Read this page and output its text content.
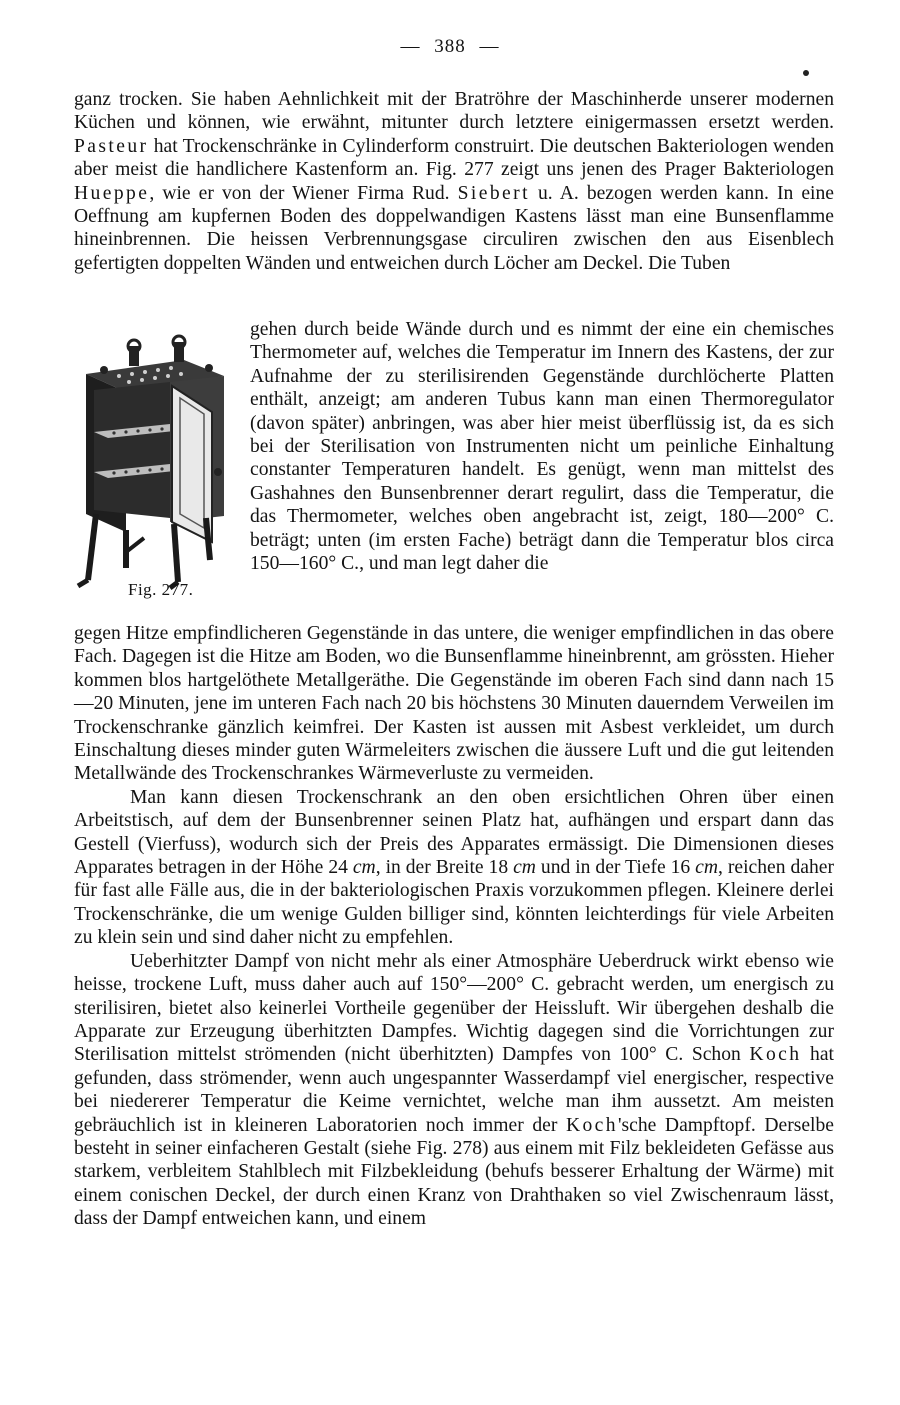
— 388 —

ganz trocken. Sie haben Aehnlichkeit mit der Bratröhre der Maschinherde unserer modernen Küchen und können, wie erwähnt, mitunter durch letztere einigermassen ersetzt werden. Pasteur hat Trockenschränke in Cylinderform construirt. Die deutschen Bakteriologen wenden aber meist die handlichere Kastenform an. Fig. 277 zeigt uns jenen des Prager Bakteriologen Hueppe, wie er von der Wiener Firma Rud. Siebert u. A. bezogen werden kann. In eine Oeffnung am kupfernen Boden des doppelwandigen Kastens lässt man eine Bunsenflamme hineinbrennen. Die heissen Verbrennungsgase circuliren zwischen den aus Eisenblech gefertigten doppelten Wänden und entweichen durch Löcher am Deckel. Die Tuben

Fig. 277.

gehen durch beide Wände durch und es nimmt der eine ein chemisches Thermometer auf, welches die Temperatur im Innern des Kastens, der zur Aufnahme der zu sterilisirenden Gegenstände durchlöcherte Platten enthält, anzeigt; am anderen Tubus kann man einen Thermoregulator (davon später) anbringen, was aber hier meist überflüssig ist, da es sich bei der Sterilisation von Instrumenten nicht um peinliche Einhaltung constanter Temperaturen handelt. Es genügt, wenn man mittelst des Gashahnes den Bunsenbrenner derart regulirt, dass die Temperatur, die das Thermometer, welches oben angebracht ist, zeigt, 180—200° C. beträgt; unten (im ersten Fache) beträgt dann die Temperatur blos circa 150—160° C., und man legt daher die

gegen Hitze empfindlicheren Gegenstände in das untere, die weniger empfindlichen in das obere Fach. Dagegen ist die Hitze am Boden, wo die Bunsenflamme hineinbrennt, am grössten. Hieher kommen blos hartgelöthete Metallgeräthe. Die Gegenstände im oberen Fach sind dann nach 15—20 Minuten, jene im unteren Fach nach 20 bis höchstens 30 Minuten dauerndem Verweilen im Trockenschranke gänzlich keimfrei. Der Kasten ist aussen mit Asbest verkleidet, um durch Einschaltung dieses minder guten Wärmeleiters zwischen die äussere Luft und die gut leitenden Metallwände des Trockenschrankes Wärmeverluste zu vermeiden.

Man kann diesen Trockenschrank an den oben ersichtlichen Ohren über einen Arbeitstisch, auf dem der Bunsenbrenner seinen Platz hat, aufhängen und erspart dann das Gestell (Vierfuss), wodurch sich der Preis des Apparates ermässigt. Die Dimensionen dieses Apparates betragen in der Höhe 24 cm, in der Breite 18 cm und in der Tiefe 16 cm, reichen daher für fast alle Fälle aus, die in der bakteriologischen Praxis vorzukommen pflegen. Kleinere derlei Trockenschränke, die um wenige Gulden billiger sind, könnten leichterdings für viele Arbeiten zu klein sein und sind daher nicht zu empfehlen.

Ueberhitzter Dampf von nicht mehr als einer Atmosphäre Ueberdruck wirkt ebenso wie heisse, trockene Luft, muss daher auch auf 150°—200° C. gebracht werden, um energisch zu sterilisiren, bietet also keinerlei Vortheile gegenüber der Heissluft. Wir übergehen deshalb die Apparate zur Erzeugung überhitzten Dampfes. Wichtig dagegen sind die Vorrichtungen zur Sterilisation mittelst strömenden (nicht überhitzten) Dampfes von 100° C. Schon Koch hat gefunden, dass strömender, wenn auch ungespannter Wasserdampf viel energischer, respective bei niedererer Temperatur die Keime vernichtet, welche man ihm aussetzt. Am meisten gebräuchlich ist in kleineren Laboratorien noch immer der Koch'sche Dampftopf. Derselbe besteht in seiner einfacheren Gestalt (siehe Fig. 278) aus einem mit Filz bekleideten Gefässe aus starkem, verbleitem Stahlblech mit Filzbekleidung (behufs besserer Erhaltung der Wärme) mit einem conischen Deckel, der durch einen Kranz von Drahthaken so viel Zwischenraum lässt, dass der Dampf entweichen kann, und einem
